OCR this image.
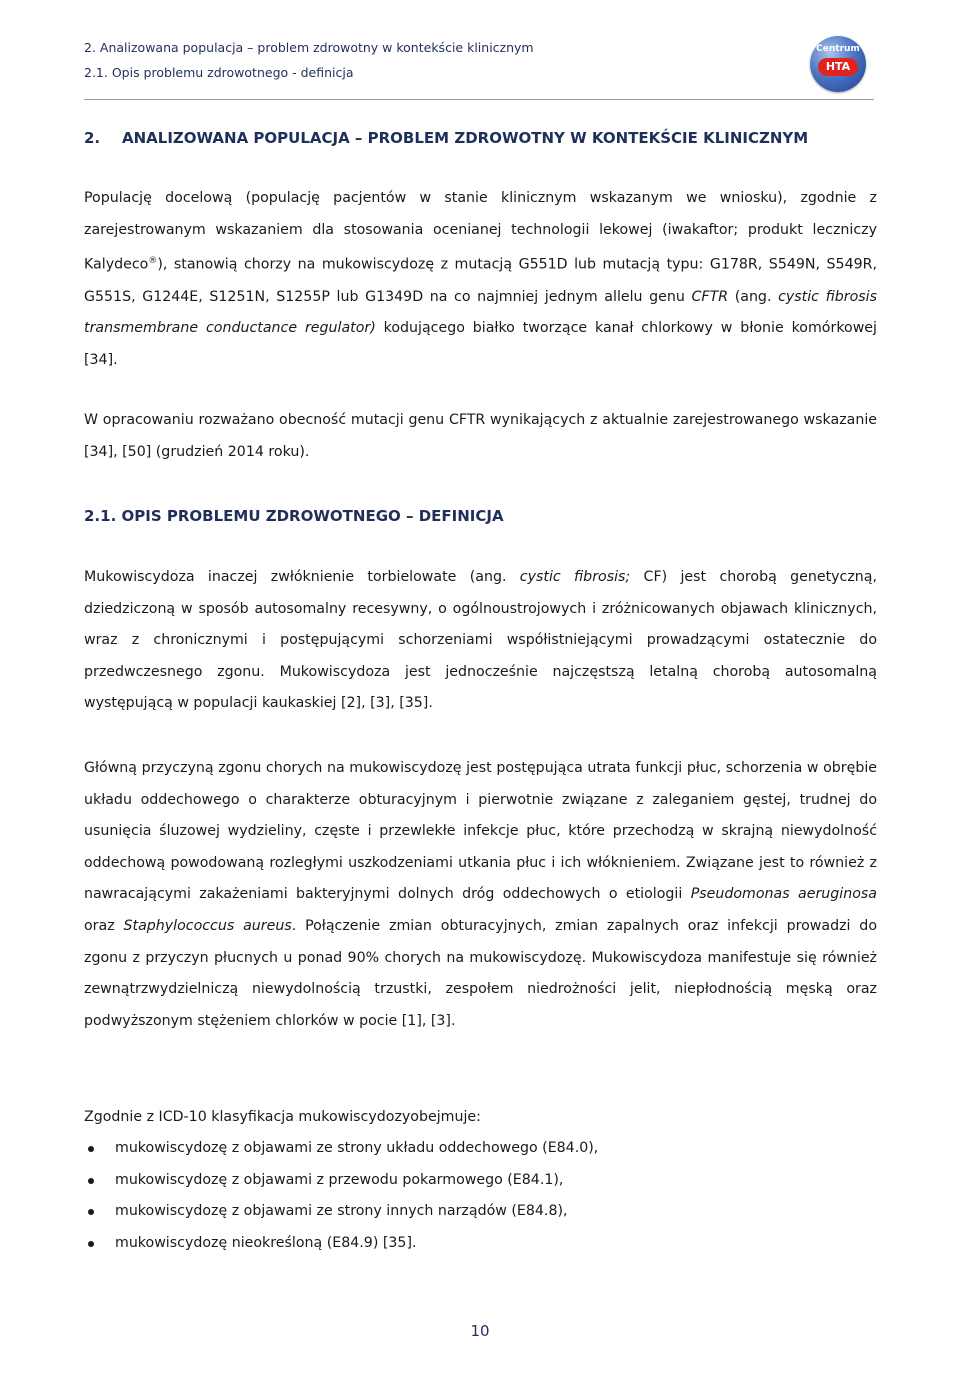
2. Analizowana populacja – problem zdrowotny w kontekście klinicznym
2.1. Opis problemu zdrowotnego - definicja
Centrum
HTA
2. ANALIZOWANA POPULACJA – PROBLEM ZDROWOTNY W KONTEKŚCIE KLINICZNYM
Populację docelową (populację pacjentów w stanie klinicznym wskazanym we wniosku), zgodnie z zarejestrowanym wskazaniem dla stosowania ocenianej technologii lekowej (iwakaftor; produkt leczniczy Kalydeco®), stanowią chorzy na mukowiscydozę z mutacją G551D lub mutacją typu: G178R, S549N, S549R, G551S, G1244E, S1251N, S1255P lub G1349D na co najmniej jednym allelu genu CFTR (ang. cystic fibrosis transmembrane conductance regulator) kodującego białko tworzące kanał chlorkowy w błonie komórkowej [34].
W opracowaniu rozważano obecność mutacji genu CFTR wynikających z aktualnie zarejestrowanego wskazanie [34], [50] (grudzień 2014 roku).
2.1. OPIS PROBLEMU ZDROWOTNEGO – DEFINICJA
Mukowiscydoza inaczej zwłóknienie torbielowate (ang. cystic fibrosis; CF) jest chorobą genetyczną, dziedziczoną w sposób autosomalny recesywny, o ogólnoustrojowych i zróżnicowanych objawach klinicznych, wraz z chronicznymi i postępującymi schorzeniami współistniejącymi prowadzącymi ostatecznie do przedwczesnego zgonu. Mukowiscydoza jest jednocześnie najczęstszą letalną chorobą autosomalną występującą w populacji kaukaskiej [2], [3], [35].
Główną przyczyną zgonu chorych na mukowiscydozę jest postępująca utrata funkcji płuc, schorzenia w obrębie układu oddechowego o charakterze obturacyjnym i pierwotnie związane z zaleganiem gęstej, trudnej do usunięcia śluzowej wydzieliny, częste i przewlekłe infekcje płuc, które przechodzą w skrajną niewydolność oddechową powodowaną rozległymi uszkodzeniami utkania płuc i ich włóknieniem. Związane jest to również z nawracającymi zakażeniami bakteryjnymi dolnych dróg oddechowych o etiologii Pseudomonas aeruginosa oraz Staphylococcus aureus. Połączenie zmian obturacyjnych, zmian zapalnych oraz infekcji prowadzi do zgonu z przyczyn płucnych u ponad 90% chorych na mukowiscydozę. Mukowiscydoza manifestuje się również zewnątrzwydzielniczą niewydolnością trzustki, zespołem niedrożności jelit, niepłodnością męską oraz podwyższonym stężeniem chlorków w pocie [1], [3].
Zgodnie z ICD-10 klasyfikacja mukowiscydozyobejmuje:
mukowiscydozę z objawami ze strony układu oddechowego (E84.0),
mukowiscydozę z objawami z przewodu pokarmowego (E84.1),
mukowiscydozę z objawami ze strony innych narządów (E84.8),
mukowiscydozę nieokreśloną (E84.9) [35].
10
